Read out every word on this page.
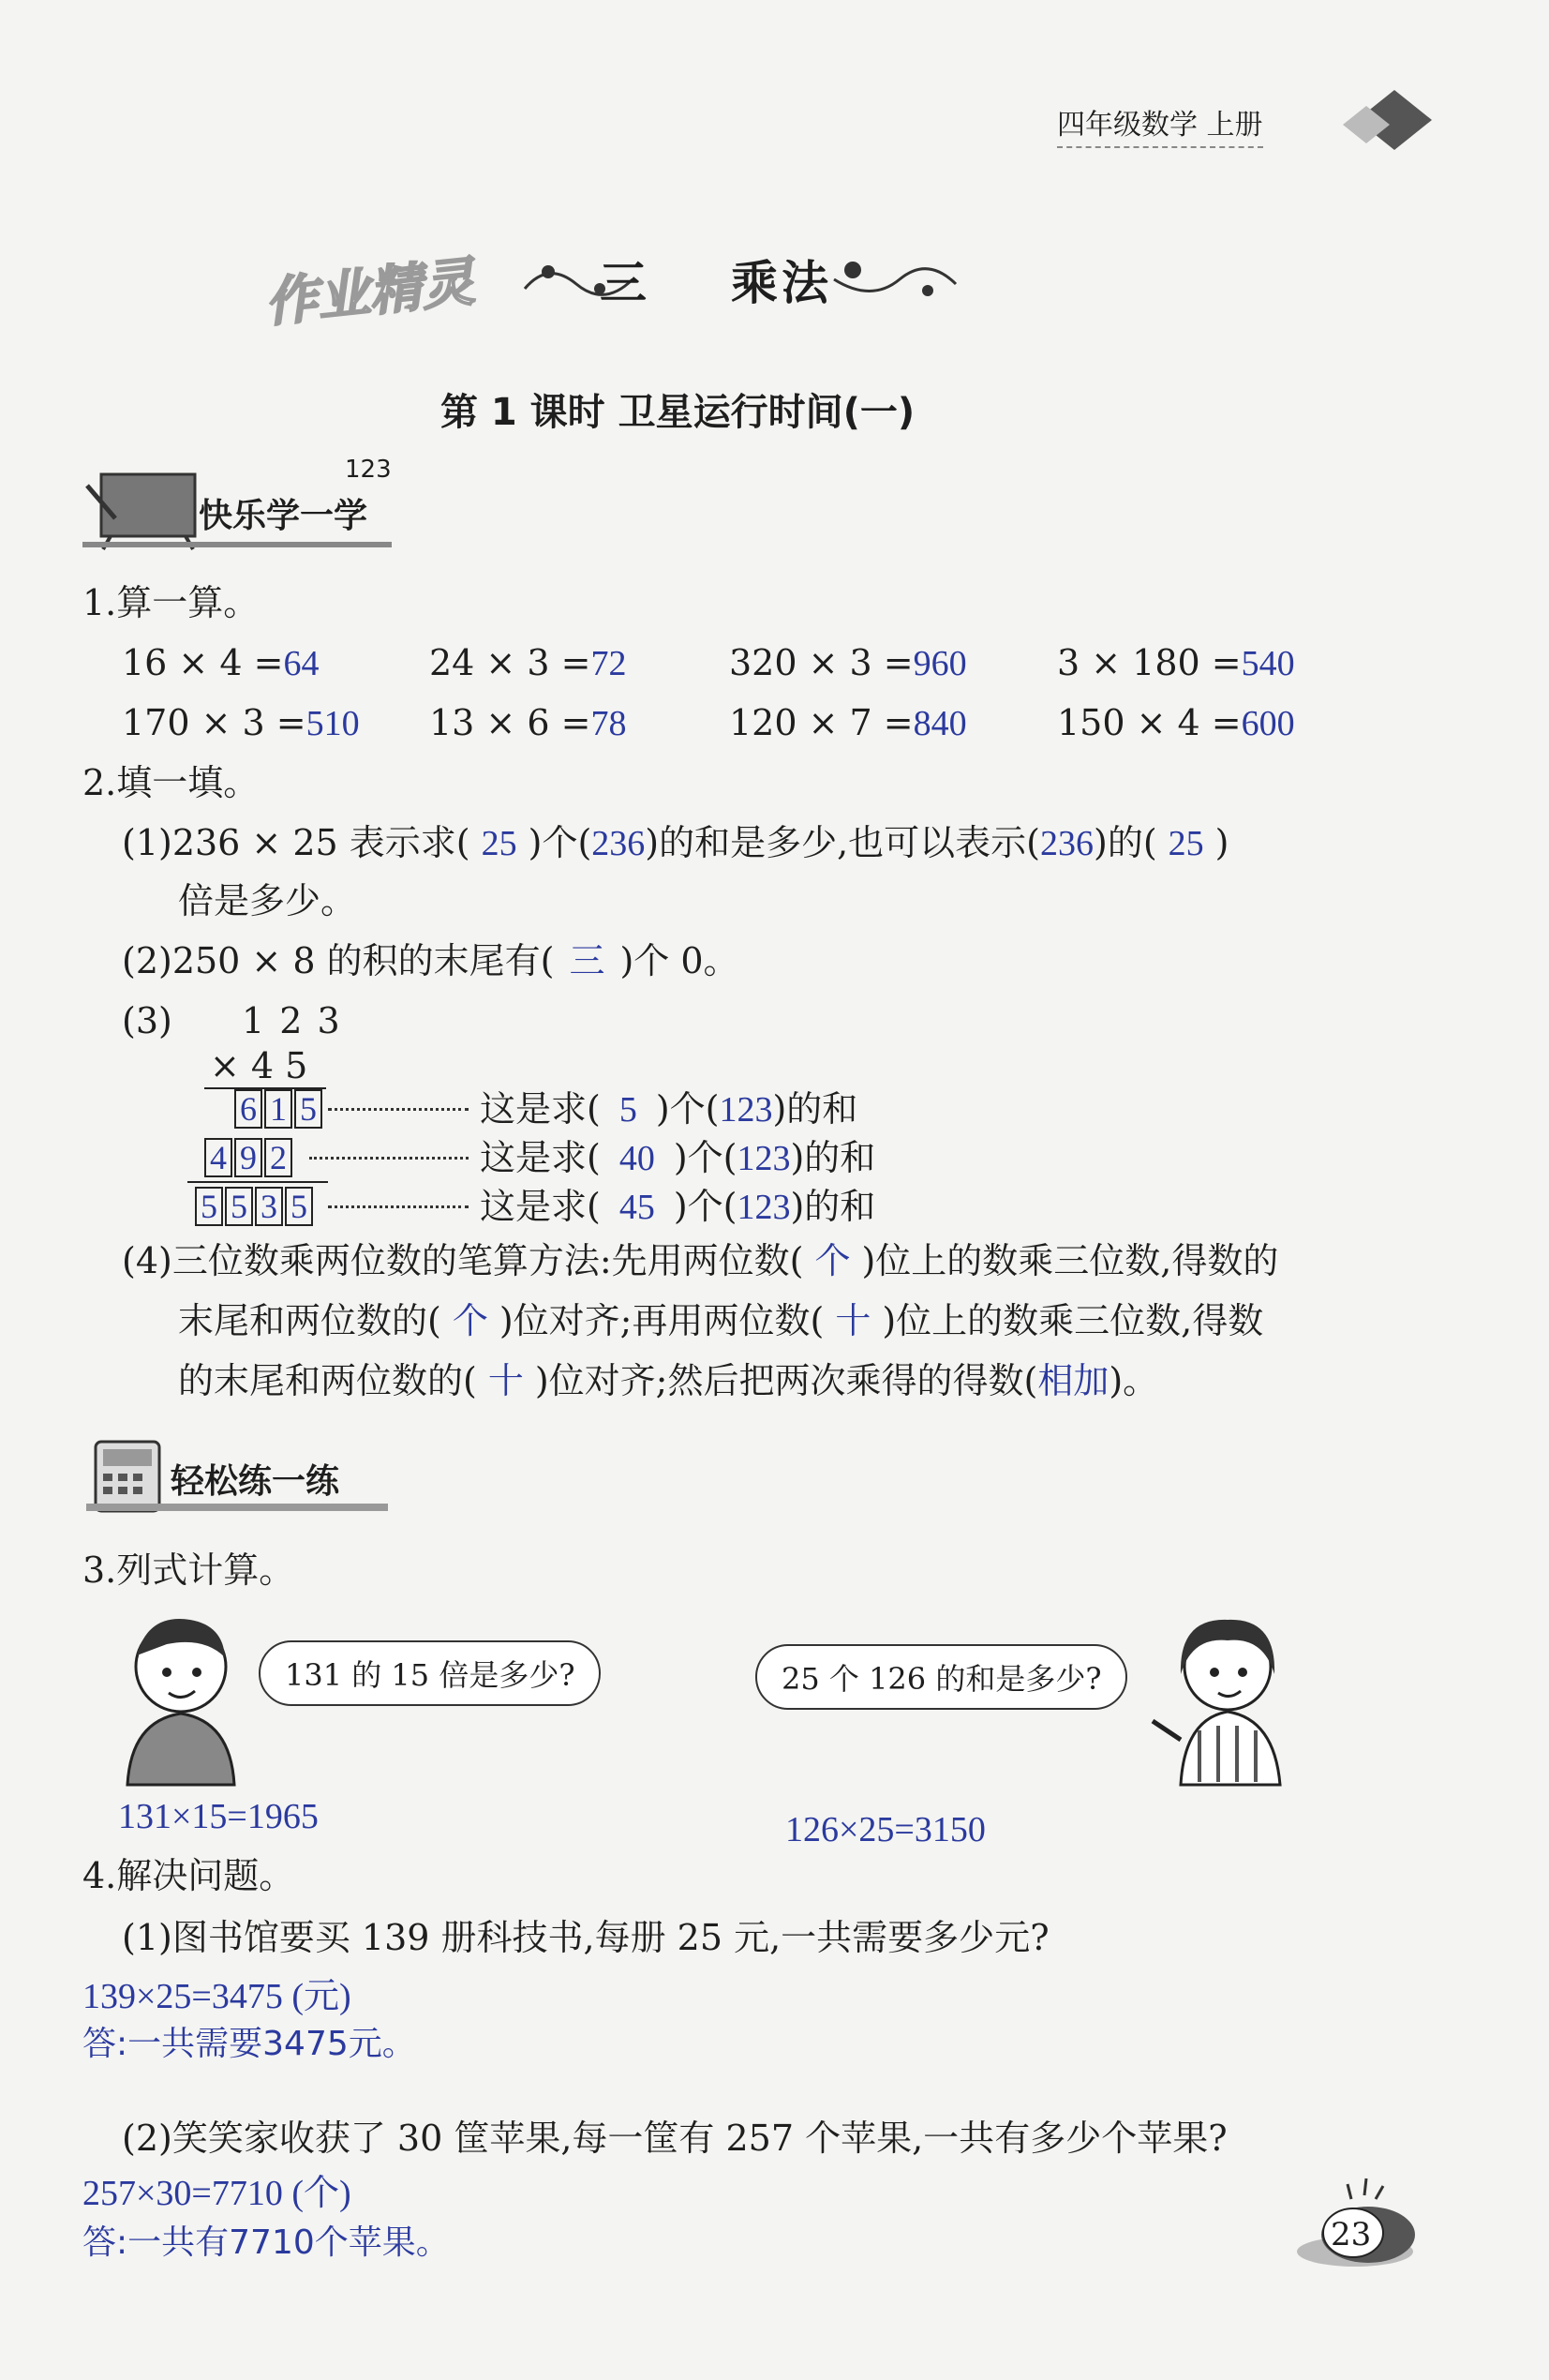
四年级数学 上册
作业精灵	三 乘法
第 1 课时 卫星运行时间(一)
快乐学一学
123
1.算一算。
16 × 4 =64	24 × 3 =72	320 × 3 =960	3 × 180 =540
170 × 3 =510 13 × 6 =78	120 × 7 =840	150 × 4 =600
2.填一填。
(1)236 × 25 表示求( 25 )个(236)的和是多少,也可以表示(236)的( 25 )
倍是多少。
(2)250 × 8 的积的末尾有( 三 )个 0。
(3) 1 2 3
× 4 5
6 1 5
4 9 2
5 5 3 5
这是求( 5 )个(123)的和
这是求( 40 )个(123)的和
这是求( 45 )个(123)的和
(4)三位数乘两位数的笔算方法:先用两位数( 个 )位上的数乘三位数,得数的
末尾和两位数的( 个 )位对齐;再用两位数( 十 )位上的数乘三位数,得数
的末尾和两位数的( 十 )位对齐;然后把两次乘得的得数(相加)。
轻松练一练
3.列式计算。
131 的 15 倍是多少?
131×15=1965
25 个 126 的和是多少?
126×25=3150
4.解决问题。
(1)图书馆要买 139 册科技书,每册 25 元,一共需要多少元?
139×25=3475 (元)
答:一共需要3475元。
(2)笑笑家收获了 30 筐苹果,每一筐有 257 个苹果,一共有多少个苹果?
257×30=7710 (个)
答:一共有7710个苹果。	23
